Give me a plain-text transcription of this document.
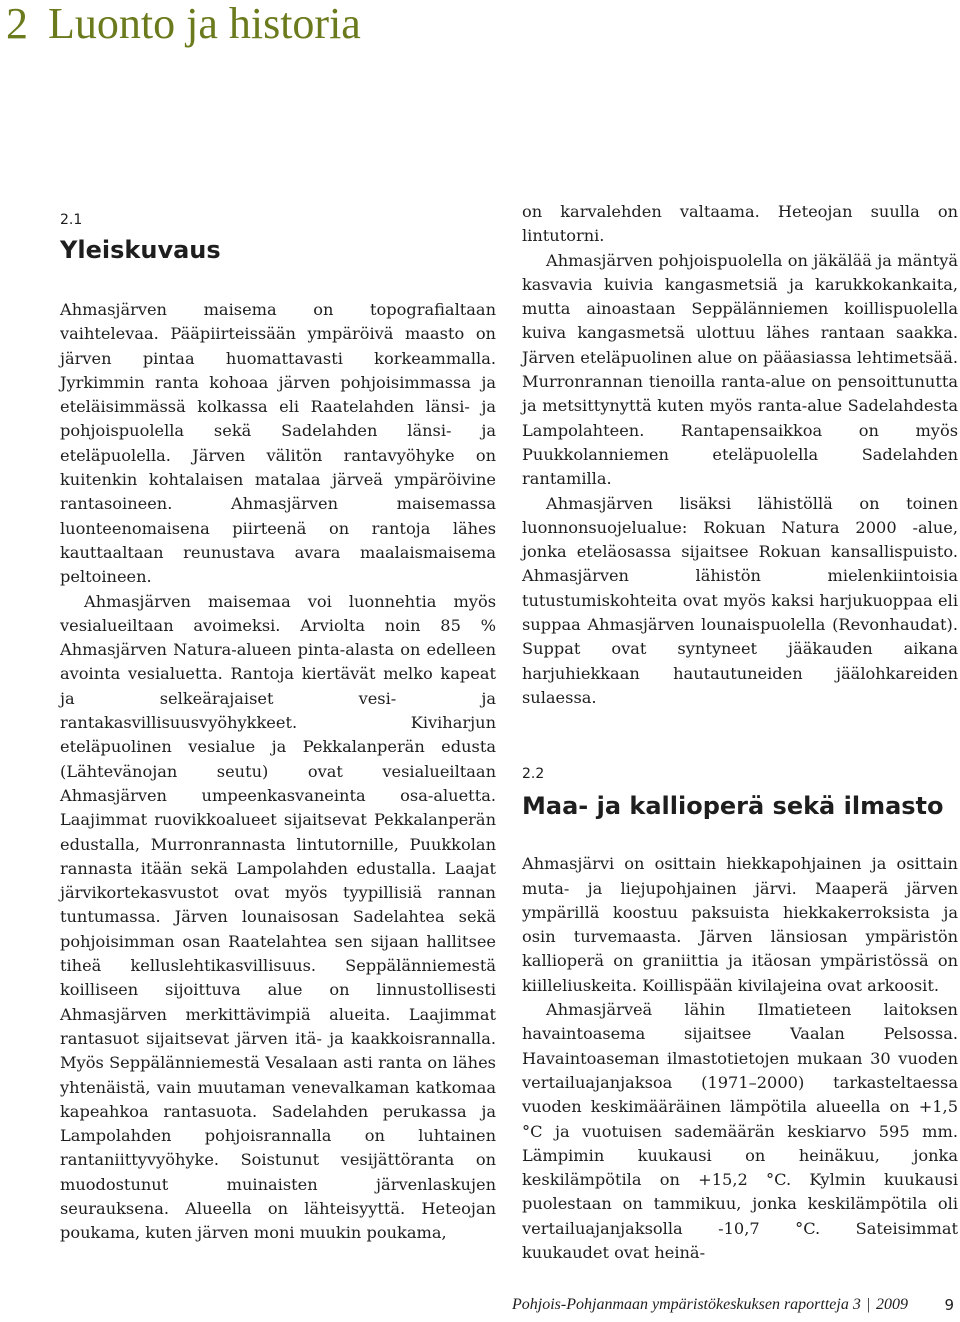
2 Luonto ja historia
2.1
Yleiskuvaus

Ahmasjärven maisema on topografialtaan vaihtelevaa. Pääpiirteissään ympäröivä maasto on järven pintaa huomattavasti korkeammalla. Jyrkimmin ranta kohoaa järven pohjoisimmassa ja eteläisimmässä kolkassa eli Raatelahden länsi- ja pohjoispuolella sekä Sadelahden länsi- ja eteläpuolella. Järven välitön rantavyöhyke on kuitenkin kohtalaisen matalaa järveä ympäröivine rantasoineen. Ahmasjärven maisemassa luonteenomaisena piirteenä on rantoja lähes kauttaaltaan reunustava avara maalaismaisema peltoineen.

Ahmasjärven maisemaa voi luonnehtia myös vesialueiltaan avoimeksi. Arviolta noin 85 % Ahmasjärven Natura-alueen pinta-alasta on edelleen avointa vesialuetta. Rantoja kiertävät melko kapeat ja selkeärajaiset vesi- ja rantakasvillisuusvyöhykkeet. Kiviharjun eteläpuolinen vesialue ja Pekkalanperän edusta (Lähtevänojan seutu) ovat vesialueiltaan Ahmasjärven umpeenkasvaneinta osa-aluetta. Laajimmat ruovikkoalueet sijaitsevat Pekkalanperän edustalla, Murronrannasta lintutornille, Puukkolan rannasta itään sekä Lampolahden edustalla. Laajat järvikortekasvustot ovat myös tyypillisiä rannan tuntumassa. Järven lounaisosan Sadelahtea sekä pohjoisimman osan Raatelahtea sen sijaan hallitsee tiheä kelluslehtikasvillisuus. Seppälänniemestä koilliseen sijoittuva alue on linnustollisesti Ahmasjärven merkittävimpiä alueita. Laajimmat rantasuot sijaitsevat järven itä- ja kaakkoisrannalla. Myös Seppälänniemestä Vesalaan asti ranta on lähes yhtenäistä, vain muutaman venevalkaman katkomaa kapeahkoa rantasuota. Sadelahden perukassa ja Lampolahden pohjoisrannalla on luhtainen rantaniittyvyöhyke. Soistunut vesijättöranta on muodostunut muinaisten järvenlaskujen seurauksena. Alueella on lähteisyyttä. Heteojan poukama, kuten järven moni muukin poukama,

on karvalehden valtaama. Heteojan suulla on lintutorni.

Ahmasjärven pohjoispuolella on jäkälää ja mäntyä kasvavia kuivia kangasmetsiä ja karukkokankaita, mutta ainoastaan Seppälänniemen koillispuolella kuiva kangasmetsä ulottuu lähes rantaan saakka. Järven eteläpuolinen alue on pääasiassa lehtimetsää. Murronrannan tienoilla ranta-alue on pensoittunutta ja metsittynyttä kuten myös ranta-alue Sadelahdesta Lampolahteen. Rantapensaikkoa on myös Puukkolanniemen eteläpuolella Sadelahden rantamilla.

Ahmasjärven lisäksi lähistöllä on toinen luonnonsuojelualue: Rokuan Natura 2000 -alue, jonka eteläosassa sijaitsee Rokuan kansallispuisto. Ahmasjärven lähistön mielenkiintoisia tutustumiskohteita ovat myös kaksi harjukuoppaa eli suppaa Ahmasjärven lounaispuolella (Revonhaudat). Suppat ovat syntyneet jääkauden aikana harjuhiekkaan hautautuneiden jäälohkareiden sulaessa.

2.2
Maa- ja kallioperä sekä ilmasto

Ahmasjärvi on osittain hiekkapohjainen ja osittain muta- ja liejupohjainen järvi. Maaperä järven ympärillä koostuu paksuista hiekkakerroksista ja osin turvemaasta. Järven länsiosan ympäristön kallioperä on graniittia ja itäosan ympäristössä on kiilleliuskeita. Koillispään kivilajeina ovat arkoosit.

Ahmasjärveä lähin Ilmatieteen laitoksen havaintoasema sijaitsee Vaalan Pelsossa. Havaintoaseman ilmastotietojen mukaan 30 vuoden vertailuajanjaksoa (1971–2000) tarkasteltaessa vuoden keskimääräinen lämpötila alueella on +1,5 °C ja vuotuisen sademäärän keskiarvo 595 mm. Lämpimin kuukausi on heinäkuu, jonka keskilämpötila on +15,2 °C. Kylmin kuukausi puolestaan on tammikuu, jonka keskilämpötila oli vertailuajanjaksolla -10,7 °C. Sateisimmat kuukaudet ovat heinä-

Pohjois-Pohjanmaan ympäristökeskuksen raportteja 3 | 2009 9
